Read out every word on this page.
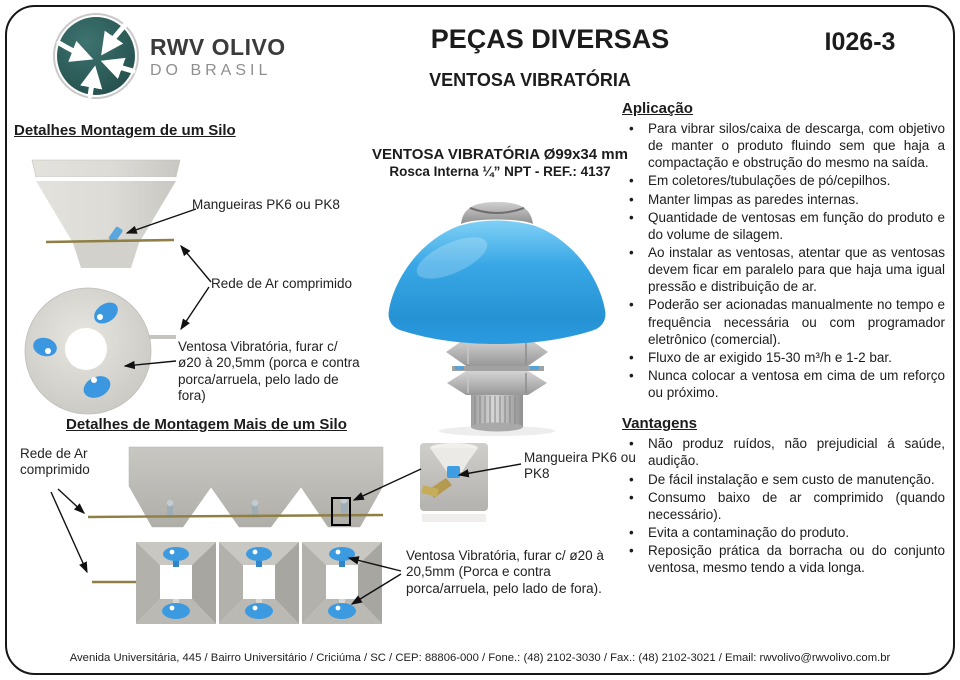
RWV OLIVO
DO BRASIL
PEÇAS DIVERSAS
VENTOSA VIBRATÓRIA
I026-3
Detalhes Montagem de um Silo
Detalhes de Montagem Mais de um Silo
VENTOSA VIBRATÓRIA Ø99x34 mm
Rosca Interna ¼” NPT - REF.: 4137
Mangueiras PK6 ou PK8
Rede de Ar comprimido
Ventosa Vibratória, furar c/ ø20 à 20,5mm (porca e contra porca/arruela, pelo lado de fora)
Rede de Ar comprimido
Mangueira PK6 ou PK8
Ventosa Vibratória, furar c/ ø20 à 20,5mm (Porca e contra porca/arruela, pelo lado de fora).
Aplicação
• Para vibrar silos/caixa de descarga, com objetivo de manter o produto fluindo sem que haja a compactação e obstrução do mesmo na saída.
• Em coletores/tubulações de pó/cepilhos.
• Manter limpas as paredes internas.
• Quantidade de ventosas em função do produto e do volume de silagem.
• Ao instalar as ventosas, atentar que as ventosas devem ficar em paralelo para que haja uma igual pressão e distribuição de ar.
• Poderão ser acionadas manualmente no tempo e frequência necessária ou com programador eletrônico (comercial).
• Fluxo de ar exigido 15-30 m³/h e 1-2 bar.
• Nunca colocar a ventosa em cima de um reforço ou próximo.
Vantagens
• Não produz ruídos, não prejudicial á saúde, audição.
• De fácil instalação e sem custo de manutenção.
• Consumo baixo de ar comprimido (quando necessário).
• Evita a contaminação do produto.
• Reposição prática da borracha ou do conjunto ventosa, mesmo tendo a vida longa.
Avenida Universitária, 445 / Bairro Universitário / Criciúma / SC / CEP: 88806-000 / Fone.: (48) 2102-3030 / Fax.: (48) 2102-3021 / Email: rwvolivo@rwvolivo.com.br
